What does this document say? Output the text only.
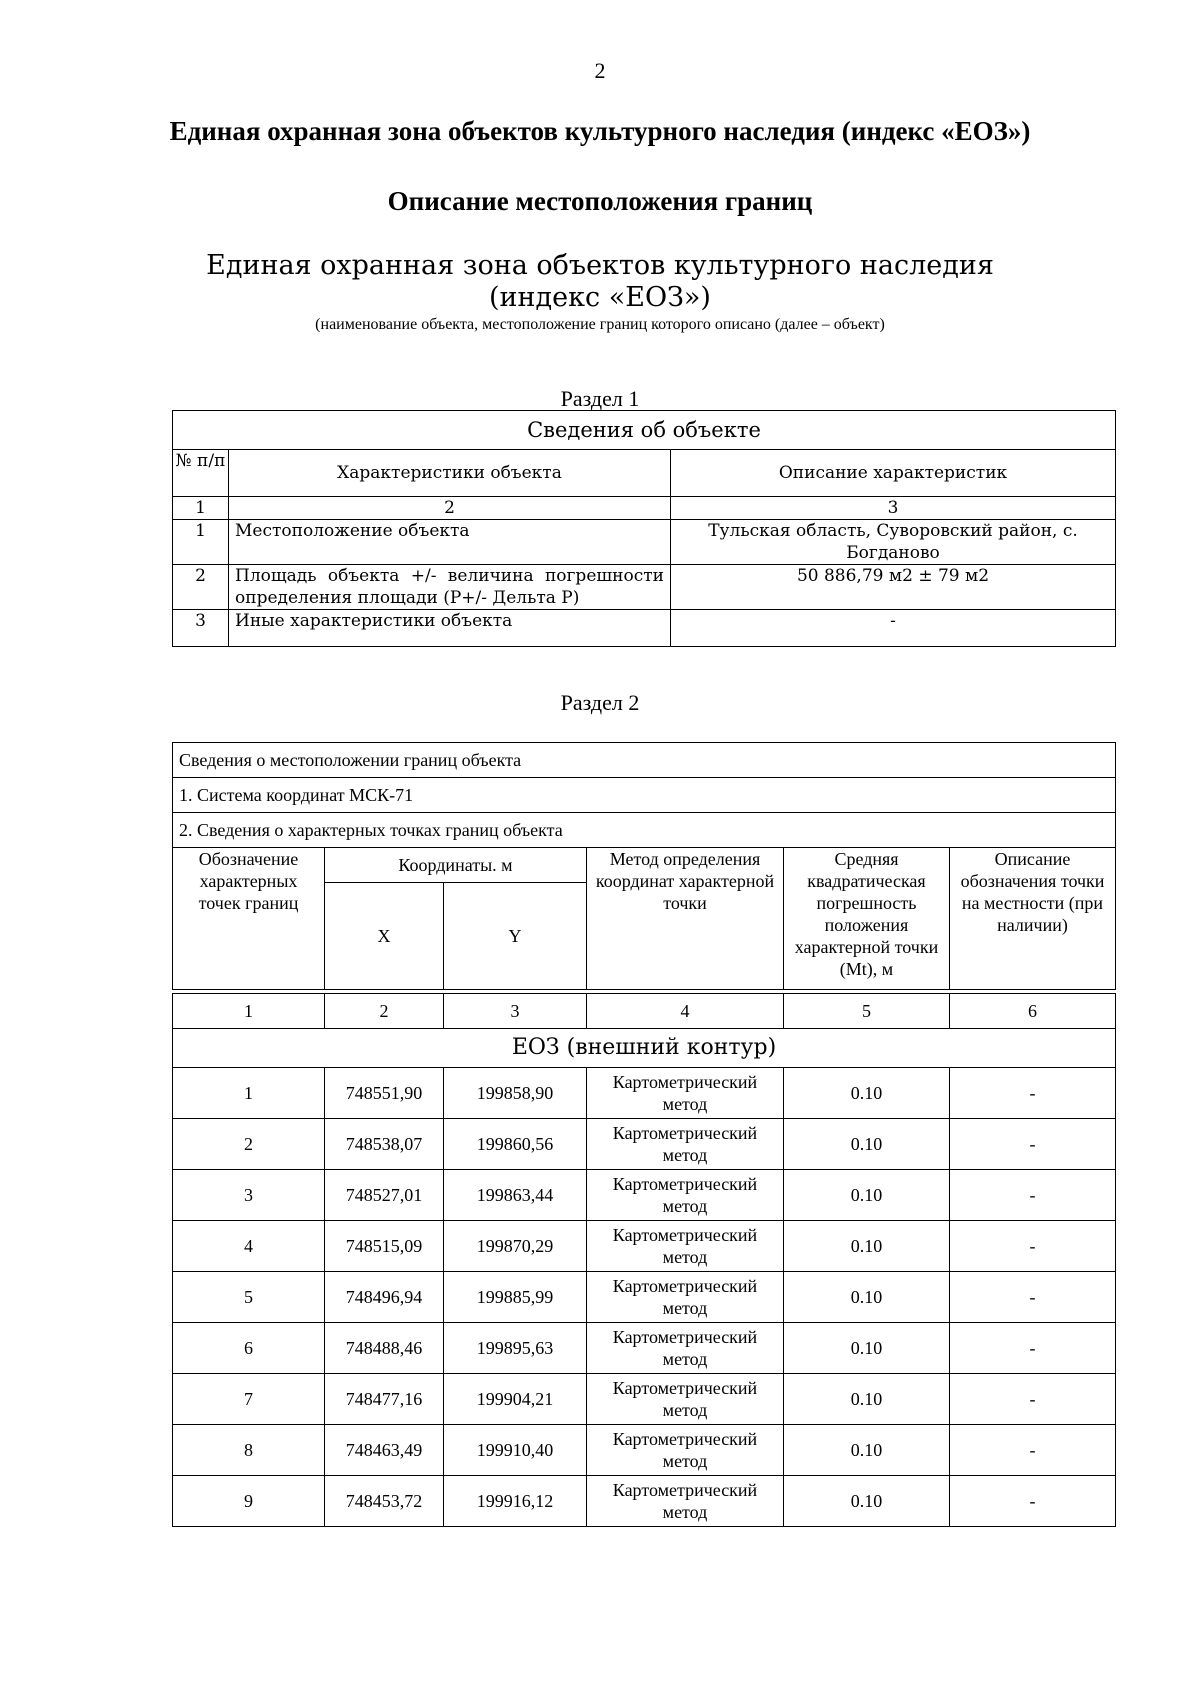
2
Единая охранная зона объектов культурного наследия (индекс «ЕОЗ»)
Описание местоположения границ
Единая охранная зона объектов культурного наследия
(индекс «ЕОЗ»)
(наименование объекта, местоположение границ которого описано (далее – объект)
Раздел 1
Сведения об объекте		
№ п/п	Характеристики объекта	Описание характеристик
1	2	3
1	Местоположение объекта	Тульская область, Суворовский район, с. Богданово
2	Площадь объекта +/- величина погрешности определения площади (Р+/- Дельта Р)	50 886,79 м2 ± 79 м2
3	Иные характеристики объекта	-
Раздел 2
Сведения о местоположении границ объекта					
1. Система координат МСК-71					
2. Сведения о характерных точках границ объекта					
Обозначение характерных точек границ	Координаты. м		Метод определения координат характерной точки	Средняя квадратическая погрешность положения характерной точки (Mt), м	Описание обозначения точки на местности (при наличии)
	X	Y			

1	2	3	4	5	6
ЕОЗ (внешний контур)					
1	748551,90	199858,90	Картометрический метод	0.10	-
2	748538,07	199860,56	Картометрический метод	0.10	-
3	748527,01	199863,44	Картометрический метод	0.10	-
4	748515,09	199870,29	Картометрический метод	0.10	-
5	748496,94	199885,99	Картометрический метод	0.10	-
6	748488,46	199895,63	Картометрический метод	0.10	-
7	748477,16	199904,21	Картометрический метод	0.10	-
8	748463,49	199910,40	Картометрический метод	0.10	-
9	748453,72	199916,12	Картометрический метод	0.10	-
